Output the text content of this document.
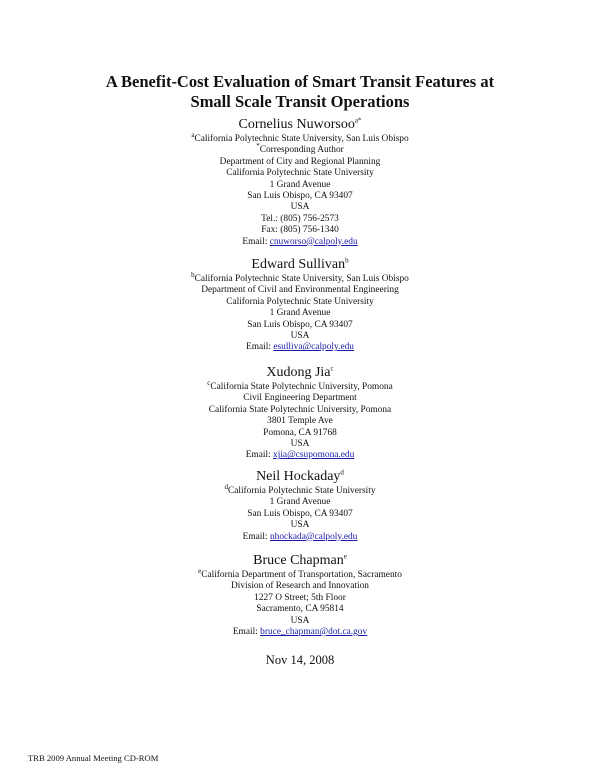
A Benefit-Cost Evaluation of Smart Transit Features at
Small Scale Transit Operations
Cornelius Nuworsoo$^{a*}$
$^a$California Polytechnic State University, San Luis Obispo
*Corresponding Author
Department of City and Regional Planning
California Polytechnic State University
1 Grand Avenue
San Luis Obispo, CA 93407
USA
Tel.: (805) 756-2573
Fax: (805) 756-1340
Email: cnuworso@calpoly.edu
Edward Sullivan$^b$
$^b$California Polytechnic State University, San Luis Obispo
Department of Civil and Environmental Engineering
California Polytechnic State University
1 Grand Avenue
San Luis Obispo, CA 93407
USA
Email: esulliva@calpoly.edu
Xudong Jia$^c$
$^c$California State Polytechnic University, Pomona
Civil Engineering Department
California State Polytechnic University, Pomona
3801 Temple Ave
Pomona, CA 91768
USA
Email: xjia@csupomona.edu
Neil Hockaday$^d$
$^d$California Polytechnic State University
1 Grand Avenue
San Luis Obispo, CA 93407
USA
Email: nhockada@calpoly.edu
Bruce Chapman$^e$
$^e$California Department of Transportation, Sacramento
Division of Research and Innovation
1227 O Street; 5th Floor
Sacramento, CA 95814
USA
Email: bruce_chapman@dot.ca.gov
Nov 14, 2008
TRB 2009 Annual Meeting CD-ROM
